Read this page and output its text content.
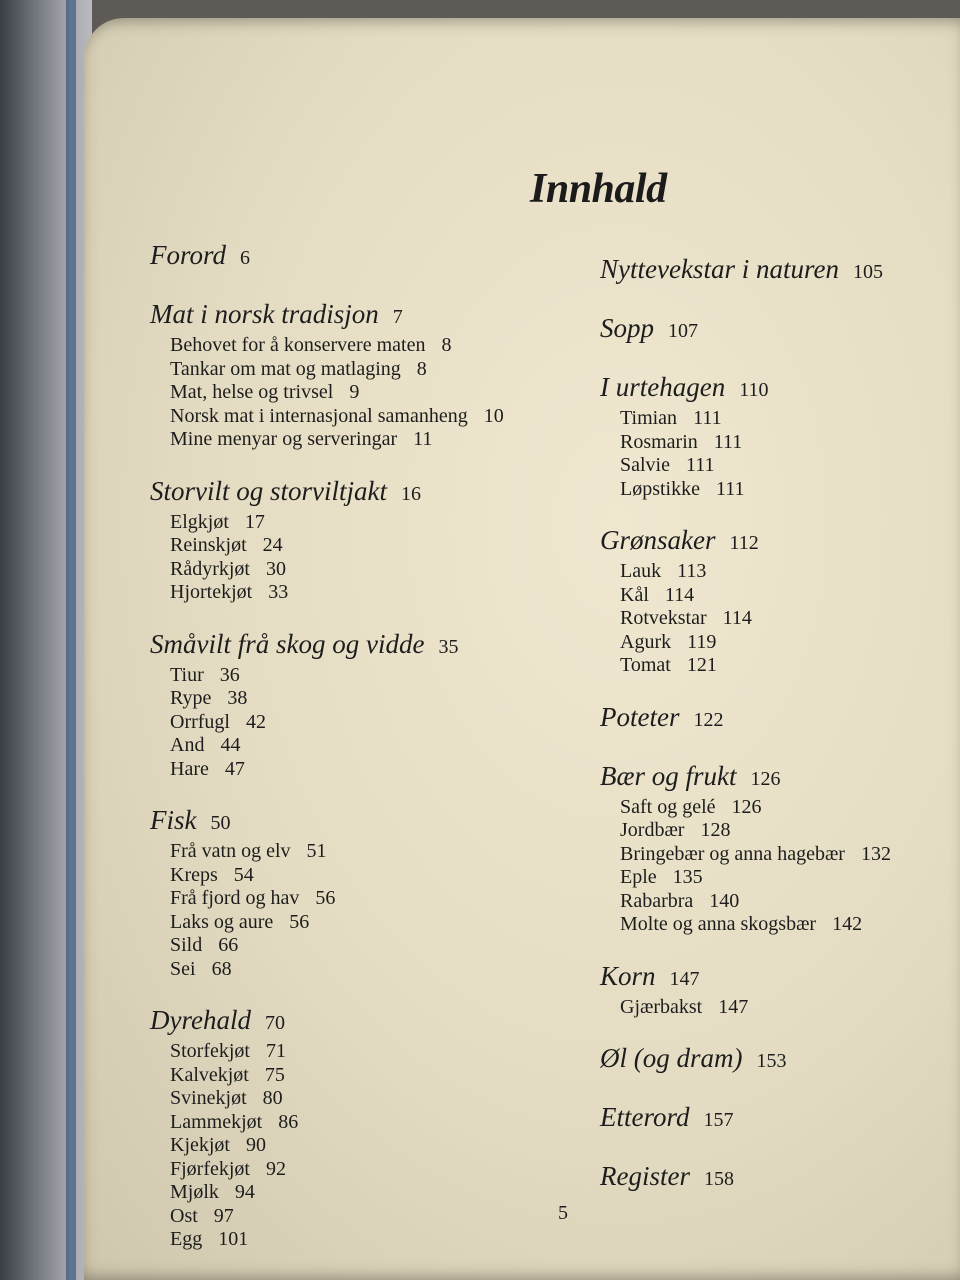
Innhald
Forord 6
Mat i norsk tradisjon 7
Behovet for å konservere maten 8
Tankar om mat og matlaging 8
Mat, helse og trivsel 9
Norsk mat i internasjonal samanheng 10
Mine menyar og serveringar 11
Storvilt og storviltjakt 16
Elgkjøt 17
Reinskjøt 24
Rådyrkjøt 30
Hjortekjøt 33
Småvilt frå skog og vidde 35
Tiur 36
Rype 38
Orrfugl 42
And 44
Hare 47
Fisk 50
Frå vatn og elv 51
Kreps 54
Frå fjord og hav 56
Laks og aure 56
Sild 66
Sei 68
Dyrehald 70
Storfekjøt 71
Kalvekjøt 75
Svinekjøt 80
Lammekjøt 86
Kjekjøt 90
Fjørfekjøt 92
Mjølk 94
Ost 97
Egg 101
Nyttevekstar i naturen 105
Sopp 107
I urtehagen 110
Timian 111
Rosmarin 111
Salvie 111
Løpstikke 111
Grønsaker 112
Lauk 113
Kål 114
Rotvekstar 114
Agurk 119
Tomat 121
Poteter 122
Bær og frukt 126
Saft og gelé 126
Jordbær 128
Bringebær og anna hagebær 132
Eple 135
Rabarbra 140
Molte og anna skogsbær 142
Korn 147
Gjærbakst 147
Øl (og dram) 153
Etterord 157
Register 158
5
